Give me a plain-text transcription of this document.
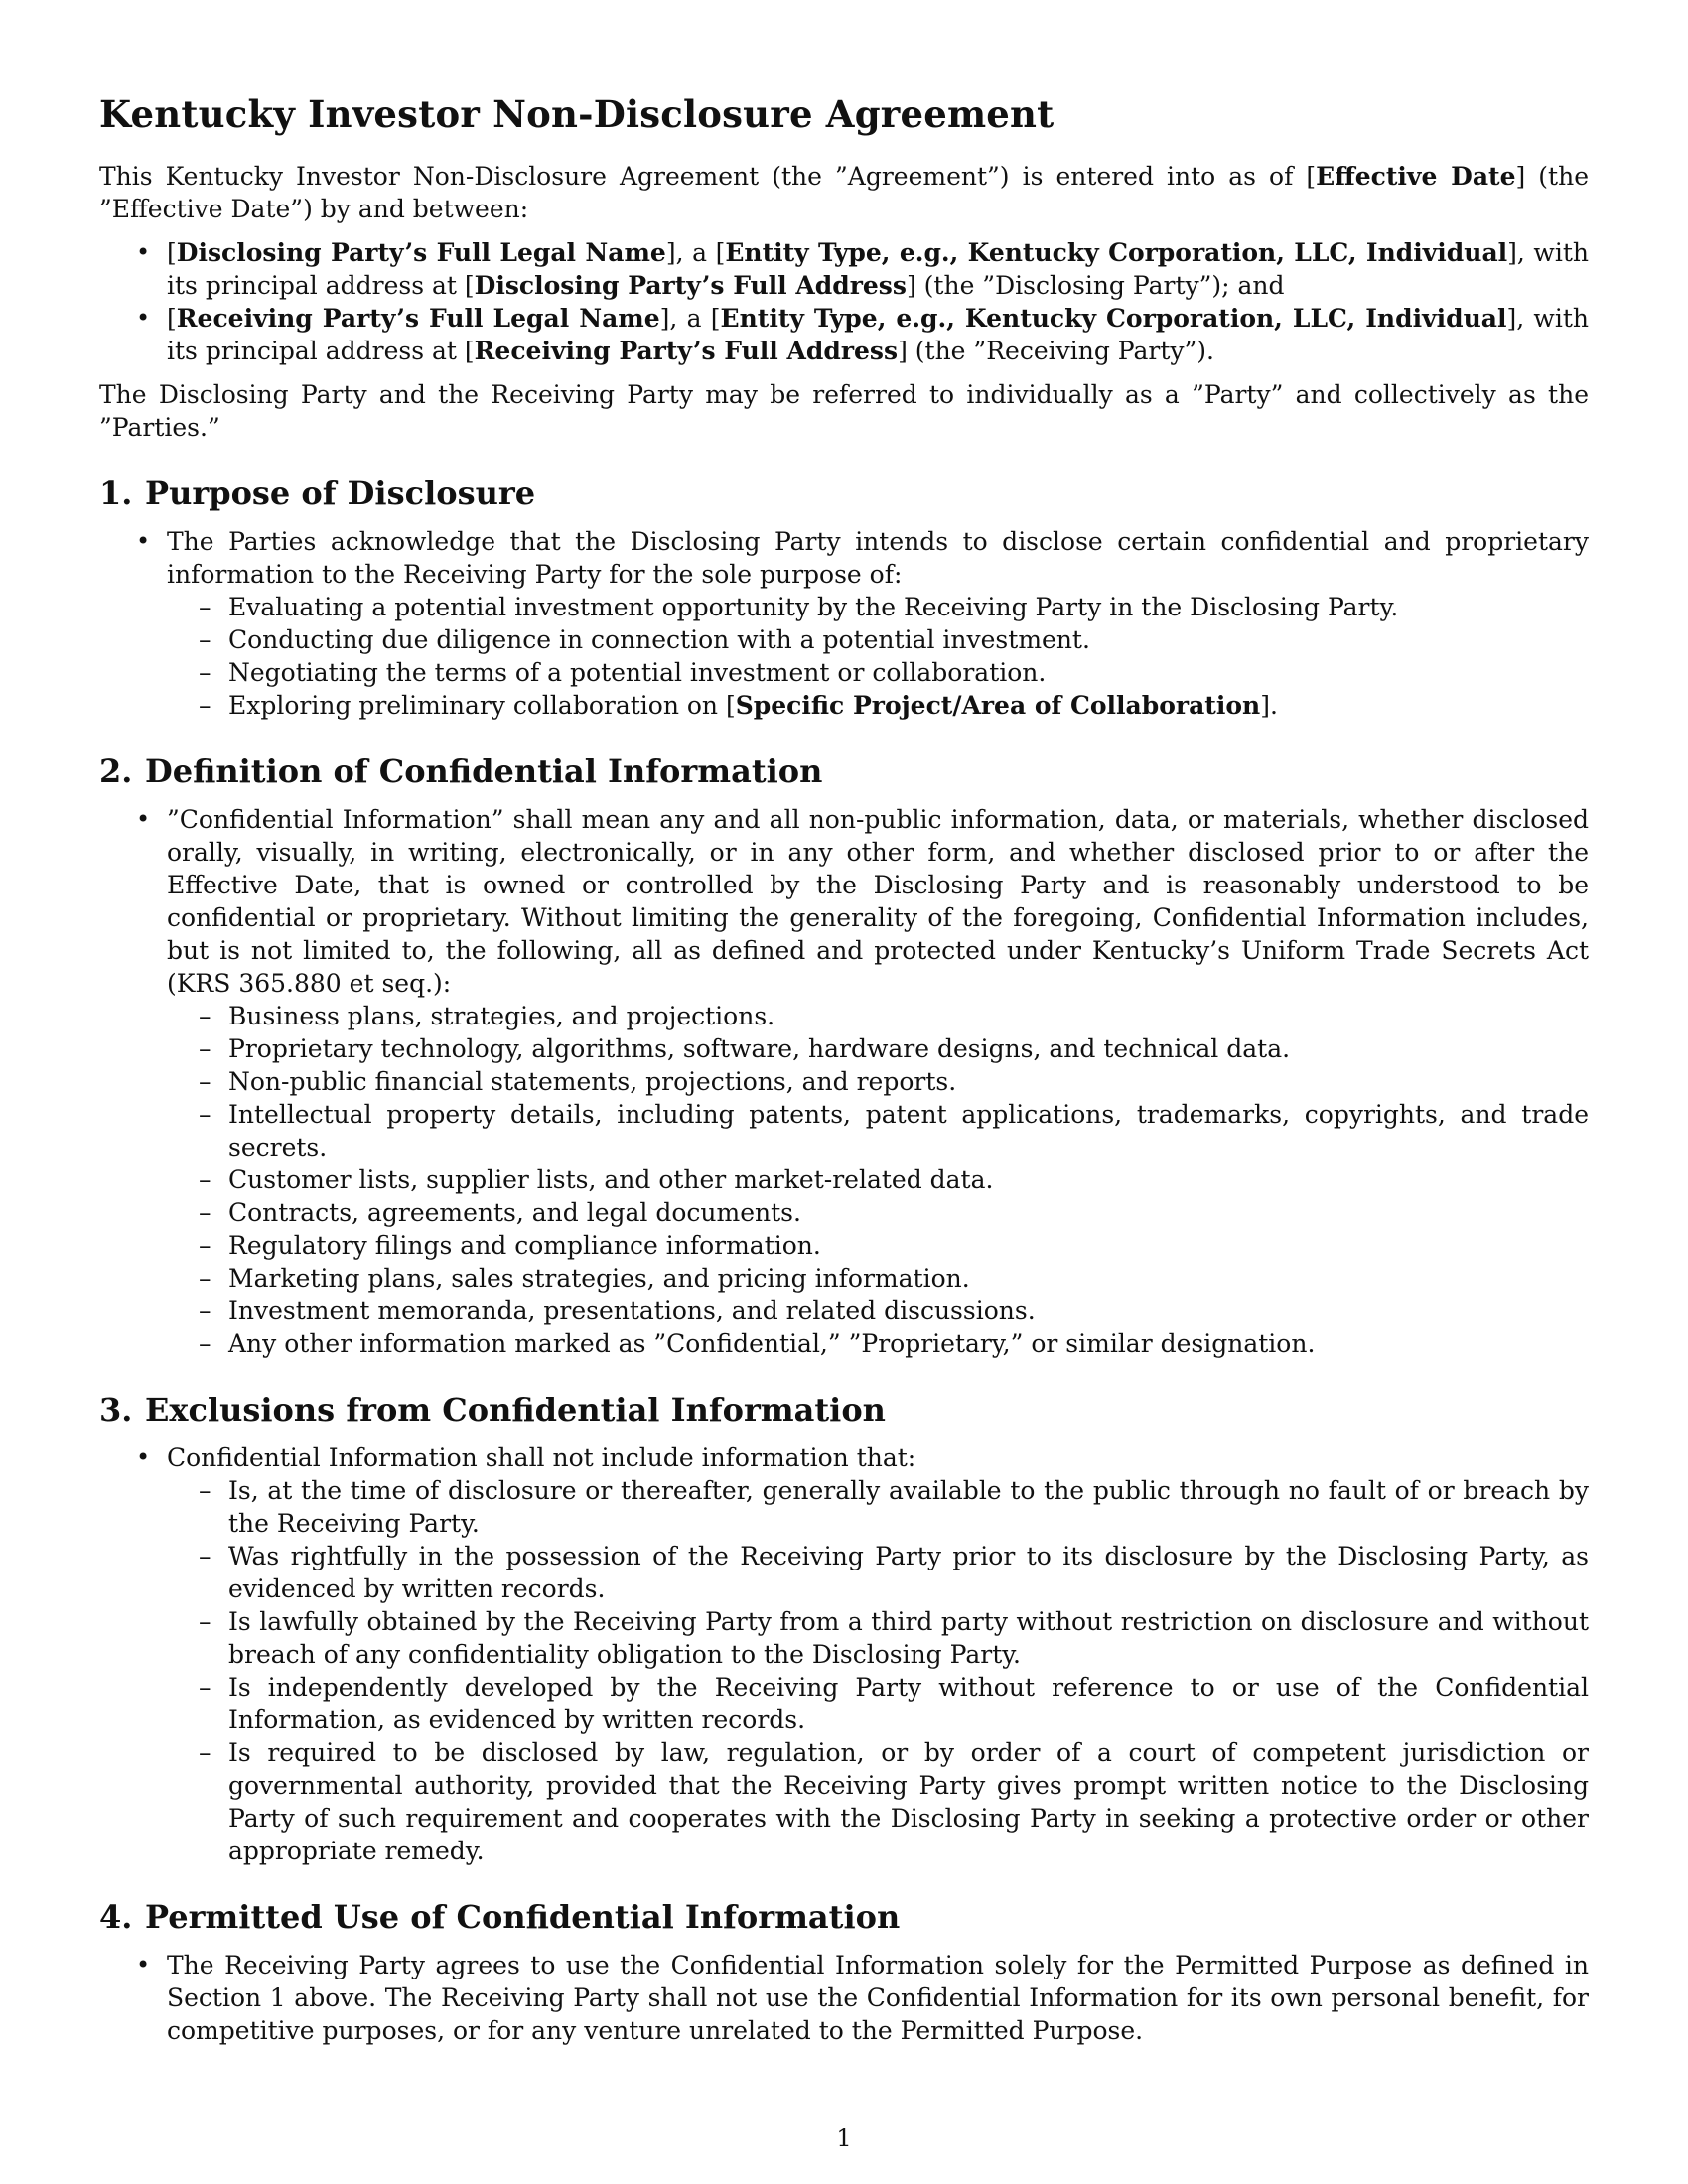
Kentucky Investor Non-Disclosure Agreement

This Kentucky Investor Non-Disclosure Agreement (the ”Agreement”) is entered into as of [Effective Date] (the ”Effective Date”) by and between:

• [Disclosing Party’s Full Legal Name], a [Entity Type, e.g., Kentucky Corporation, LLC, Individual], with its principal address at [Disclosing Party’s Full Address] (the ”Disclosing Party”); and
• [Receiving Party’s Full Legal Name], a [Entity Type, e.g., Kentucky Corporation, LLC, Individual], with its principal address at [Receiving Party’s Full Address] (the ”Receiving Party”).

The Disclosing Party and the Receiving Party may be referred to individually as a ”Party” and collectively as the ”Parties.”

1. Purpose of Disclosure
• The Parties acknowledge that the Disclosing Party intends to disclose certain confidential and proprietary information to the Receiving Party for the sole purpose of:
– Evaluating a potential investment opportunity by the Receiving Party in the Disclosing Party.
– Conducting due diligence in connection with a potential investment.
– Negotiating the terms of a potential investment or collaboration.
– Exploring preliminary collaboration on [Specific Project/Area of Collaboration].
2. Definition of Confidential Information
• ”Confidential Information” shall mean any and all non-public information, data, or materials, whether disclosed orally, visually, in writing, electronically, or in any other form, and whether disclosed prior to or after the Effective Date, that is owned or controlled by the Disclosing Party and is reasonably understood to be confidential or proprietary. Without limiting the generality of the foregoing, Confidential Information includes, but is not limited to, the following, all as defined and protected under Kentucky’s Uniform Trade Secrets Act (KRS 365.880 et seq.):
– Business plans, strategies, and projections.
– Proprietary technology, algorithms, software, hardware designs, and technical data.
– Non-public financial statements, projections, and reports.
– Intellectual property details, including patents, patent applications, trademarks, copyrights, and trade secrets.
– Customer lists, supplier lists, and other market-related data.
– Contracts, agreements, and legal documents.
– Regulatory filings and compliance information.
– Marketing plans, sales strategies, and pricing information.
– Investment memoranda, presentations, and related discussions.
– Any other information marked as ”Confidential,” ”Proprietary,” or similar designation.
3. Exclusions from Confidential Information
• Confidential Information shall not include information that:
– Is, at the time of disclosure or thereafter, generally available to the public through no fault of or breach by the Receiving Party.
– Was rightfully in the possession of the Receiving Party prior to its disclosure by the Disclosing Party, as evidenced by written records.
– Is lawfully obtained by the Receiving Party from a third party without restriction on disclosure and without breach of any confidentiality obligation to the Disclosing Party.
– Is independently developed by the Receiving Party without reference to or use of the Confidential Information, as evidenced by written records.
– Is required to be disclosed by law, regulation, or by order of a court of competent jurisdiction or governmental authority, provided that the Receiving Party gives prompt written notice to the Disclosing Party of such requirement and cooperates with the Disclosing Party in seeking a protective order or other appropriate remedy.
4. Permitted Use of Confidential Information
• The Receiving Party agrees to use the Confidential Information solely for the Permitted Purpose as defined in Section 1 above. The Receiving Party shall not use the Confidential Information for its own personal benefit, for competitive purposes, or for any venture unrelated to the Permitted Purpose.
1
